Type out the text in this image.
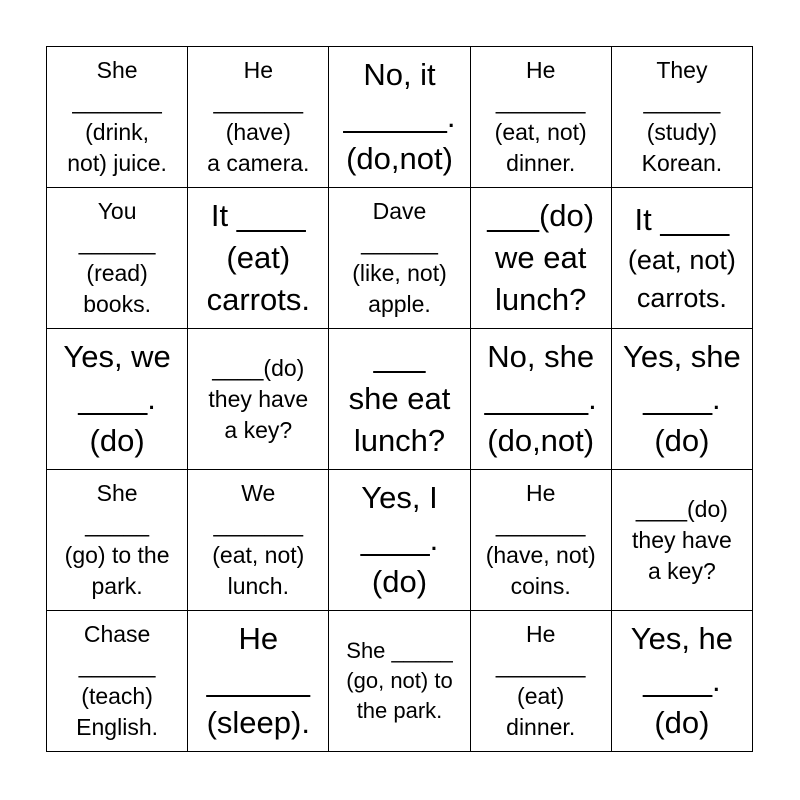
She
_______
(drink,
not) juice.
He
_______
(have)
a camera.
No, it
______.
(do,not)
He
_______
(eat, not)
dinner.
They
______
(study)
Korean.
You
______
(read)
books.
It ____
(eat)
carrots.
Dave
______
(like, not)
apple.
___(do)
we eat
lunch?
It ____
(eat, not)
carrots.
Yes, we
____.
(do)
____(do)
they have
a key?
___
she eat
lunch?
No, she
______.
(do,not)
Yes, she
____.
(do)
She
_____
(go) to the
park.
We
_______
(eat, not)
lunch.
Yes, I
____.
(do)
He
_______
(have, not)
coins.
____(do)
they have
a key?
Chase
______
(teach)
English.
He
______
(sleep).
She _____
(go, not) to
the park.
He
_______
(eat)
dinner.
Yes, he
____.
(do)
